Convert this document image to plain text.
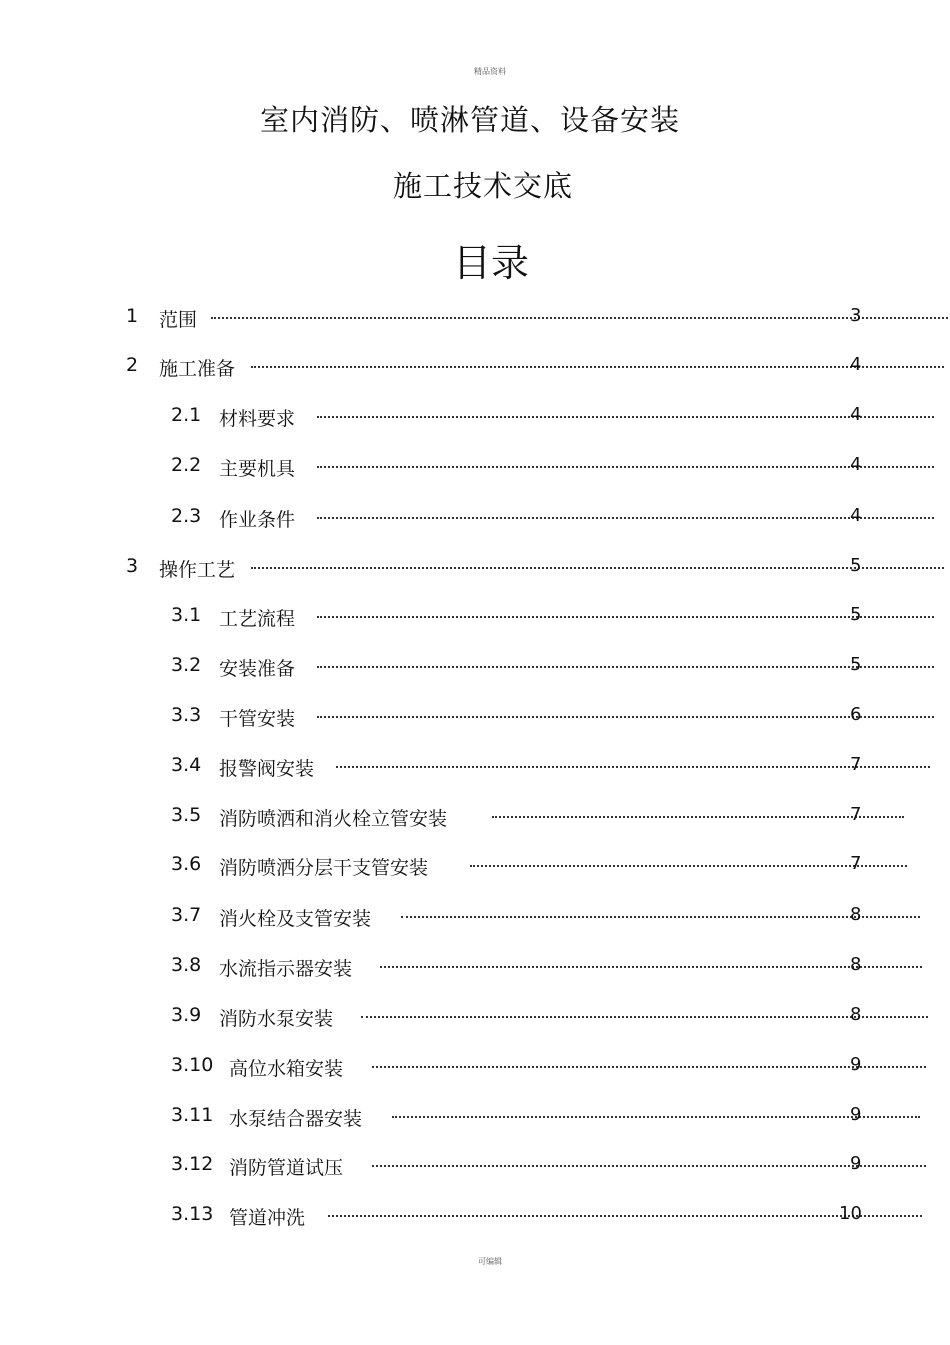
精品资料
室内消防、喷淋管道、设备安装
施工技术交底
目录
1 范围	3
2 施工准备	4
2.1 材料要求	4
2.2 主要机具	4
2.3 作业条件	4
3 操作工艺	5
3.1 工艺流程	5
3.2 安装准备	5
3.3 干管安装	6
3.4 报警阀安装	7
3.5 消防喷洒和消火栓立管安装	7
3.6 消防喷洒分层干支管安装	7
3.7 消火栓及支管安装	8
3.8 水流指示器安装	8
3.9 消防水泵安装	8
3.10 高位水箱安装	9
3.11 水泵结合器安装	9
3.12 消防管道试压	9
3.13 管道冲洗	10
可编辑
